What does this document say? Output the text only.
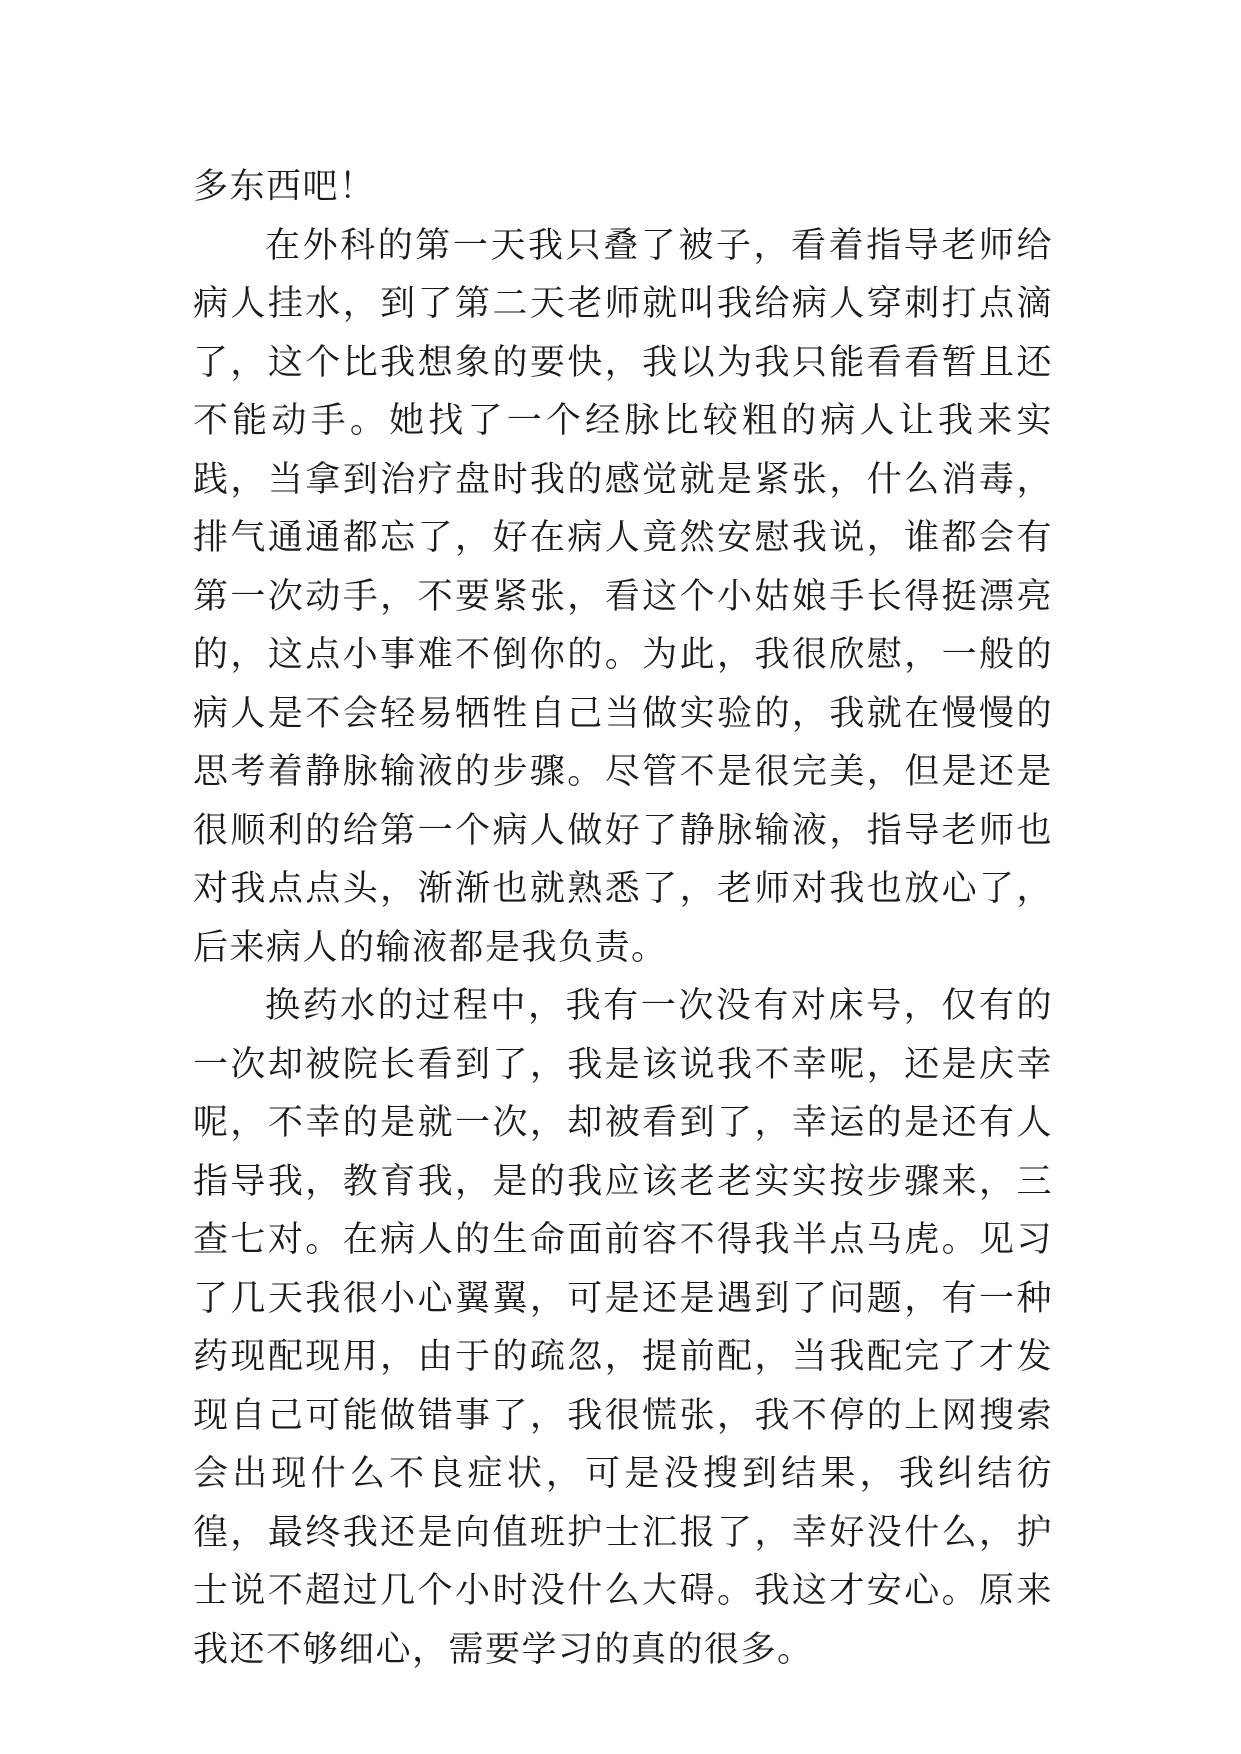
多东西吧！

在外科的第一天我只叠了被子，看着指导老师给病人挂水，到了第二天老师就叫我给病人穿刺打点滴了，这个比我想象的要快，我以为我只能看看暂且还不能动手。她找了一个经脉比较粗的病人让我来实践，当拿到治疗盘时我的感觉就是紧张，什么消毒，排气通通都忘了，好在病人竟然安慰我说，谁都会有第一次动手，不要紧张，看这个小姑娘手长得挺漂亮的，这点小事难不倒你的。为此，我很欣慰，一般的病人是不会轻易牺牲自己当做实验的，我就在慢慢的思考着静脉输液的步骤。尽管不是很完美，但是还是很顺利的给第一个病人做好了静脉输液，指导老师也对我点点头，渐渐也就熟悉了，老师对我也放心了，后来病人的输液都是我负责。

换药水的过程中，我有一次没有对床号，仅有的一次却被院长看到了，我是该说我不幸呢，还是庆幸呢，不幸的是就一次，却被看到了，幸运的是还有人指导我，教育我，是的我应该老老实实按步骤来，三查七对。在病人的生命面前容不得我半点马虎。见习了几天我很小心翼翼，可是还是遇到了问题，有一种药现配现用，由于的疏忽，提前配，当我配完了才发现自己可能做错事了，我很慌张，我不停的上网搜索会出现什么不良症状，可是没搜到结果，我纠结彷徨，最终我还是向值班护士汇报了，幸好没什么，护士说不超过几个小时没什么大碍。我这才安心。原来我还不够细心，需要学习的真的很多。
